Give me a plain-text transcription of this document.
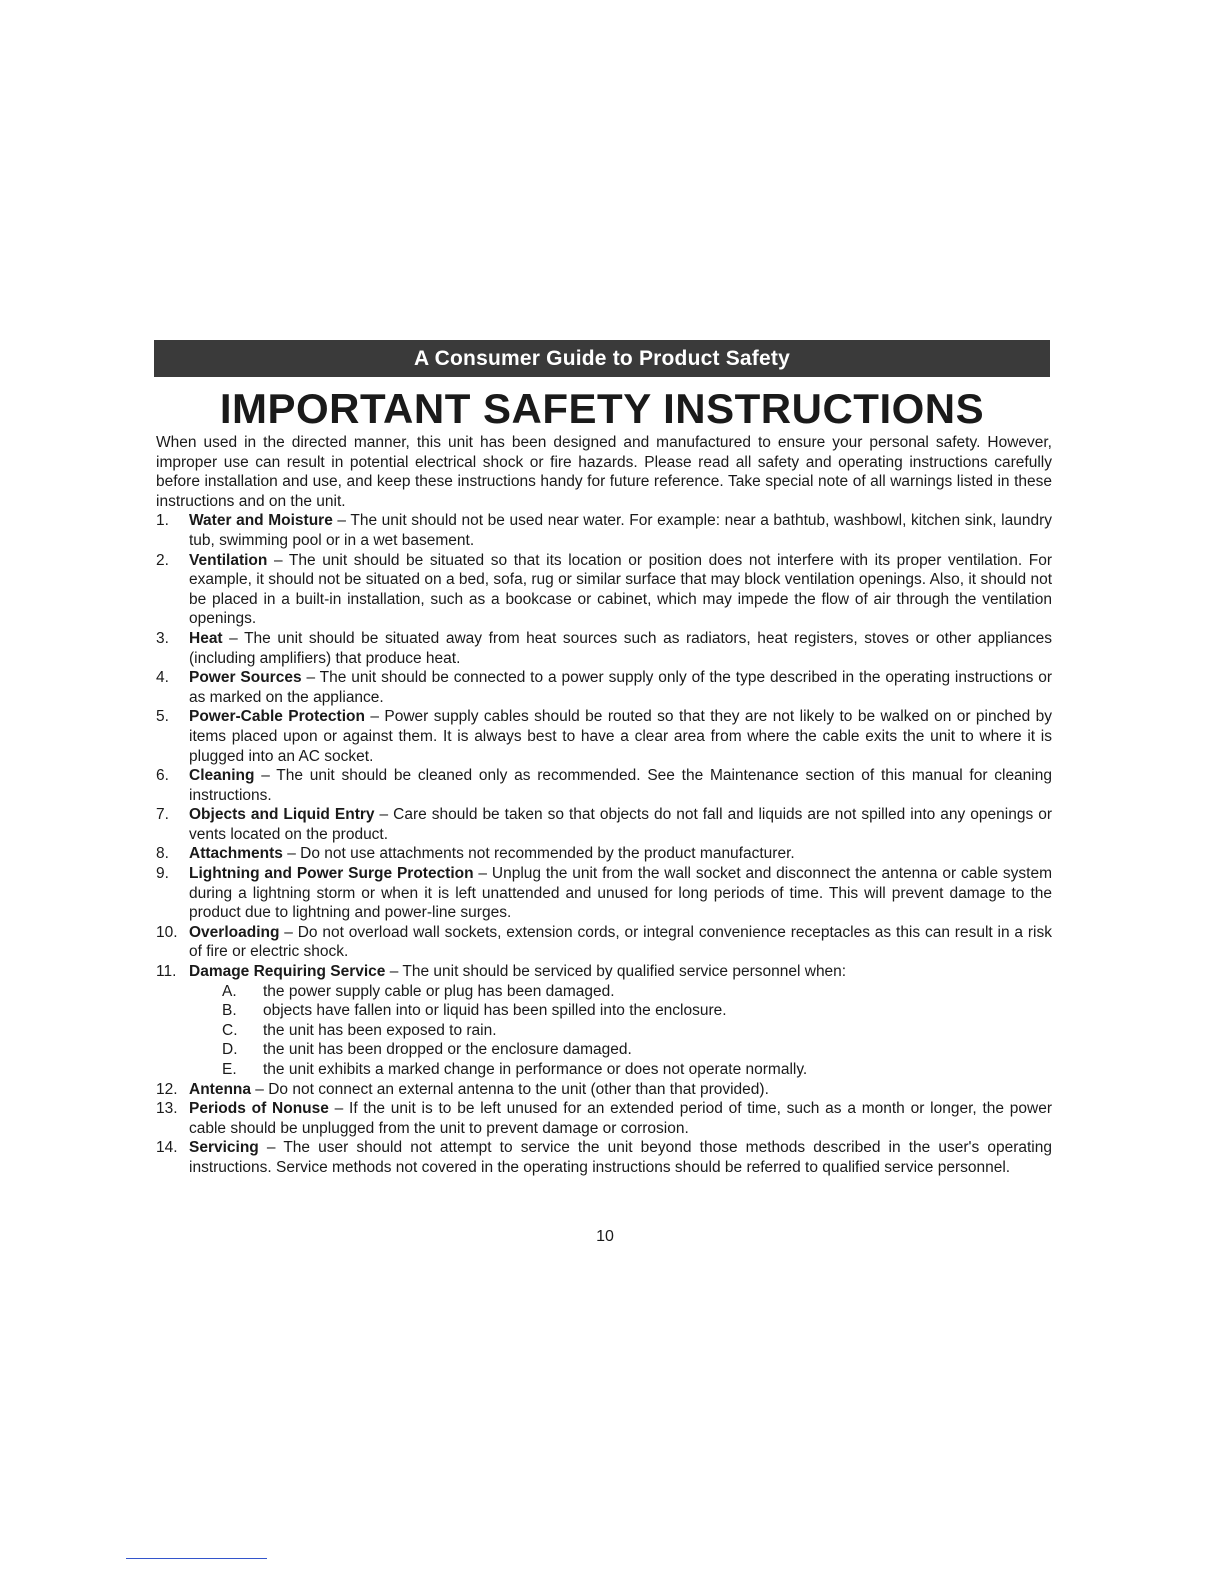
A Consumer Guide to Product Safety
IMPORTANT SAFETY INSTRUCTIONS

When used in the directed manner, this unit has been designed and manufactured to ensure your personal safety. However, improper use can result in potential electrical shock or fire hazards. Please read all safety and operating instructions carefully before installation and use, and keep these instructions handy for future reference. Take special note of all warnings listed in these instructions and on the unit.

1. Water and Moisture – The unit should not be used near water. For example: near a bathtub, washbowl, kitchen sink, laundry tub, swimming pool or in a wet basement.
2. Ventilation – The unit should be situated so that its location or position does not interfere with its proper ventilation. For example, it should not be situated on a bed, sofa, rug or similar surface that may block ventilation openings. Also, it should not be placed in a built-in installation, such as a bookcase or cabinet, which may impede the flow of air through the ventilation openings.
3. Heat – The unit should be situated away from heat sources such as radiators, heat registers, stoves or other appliances (including amplifiers) that produce heat.
4. Power Sources – The unit should be connected to a power supply only of the type described in the operating instructions or as marked on the appliance.
5. Power-Cable Protection – Power supply cables should be routed so that they are not likely to be walked on or pinched by items placed upon or against them. It is always best to have a clear area from where the cable exits the unit to where it is plugged into an AC socket.
6. Cleaning – The unit should be cleaned only as recommended. See the Maintenance section of this manual for cleaning instructions.
7. Objects and Liquid Entry – Care should be taken so that objects do not fall and liquids are not spilled into any openings or vents located on the product.
8. Attachments – Do not use attachments not recommended by the product manufacturer.
9. Lightning and Power Surge Protection – Unplug the unit from the wall socket and disconnect the antenna or cable system during a lightning storm or when it is left unattended and unused for long periods of time. This will prevent damage to the product due to lightning and power-line surges.
10. Overloading – Do not overload wall sockets, extension cords, or integral convenience receptacles as this can result in a risk of fire or electric shock.
11. Damage Requiring Service – The unit should be serviced by qualified service personnel when:
A. the power supply cable or plug has been damaged.
B. objects have fallen into or liquid has been spilled into the enclosure.
C. the unit has been exposed to rain.
D. the unit has been dropped or the enclosure damaged.
E. the unit exhibits a marked change in performance or does not operate normally.
12. Antenna – Do not connect an external antenna to the unit (other than that provided).
13. Periods of Nonuse – If the unit is to be left unused for an extended period of time, such as a month or longer, the power cable should be unplugged from the unit to prevent damage or corrosion.
14. Servicing – The user should not attempt to service the unit beyond those methods described in the user's operating instructions. Service methods not covered in the operating instructions should be referred to qualified service personnel.
10
